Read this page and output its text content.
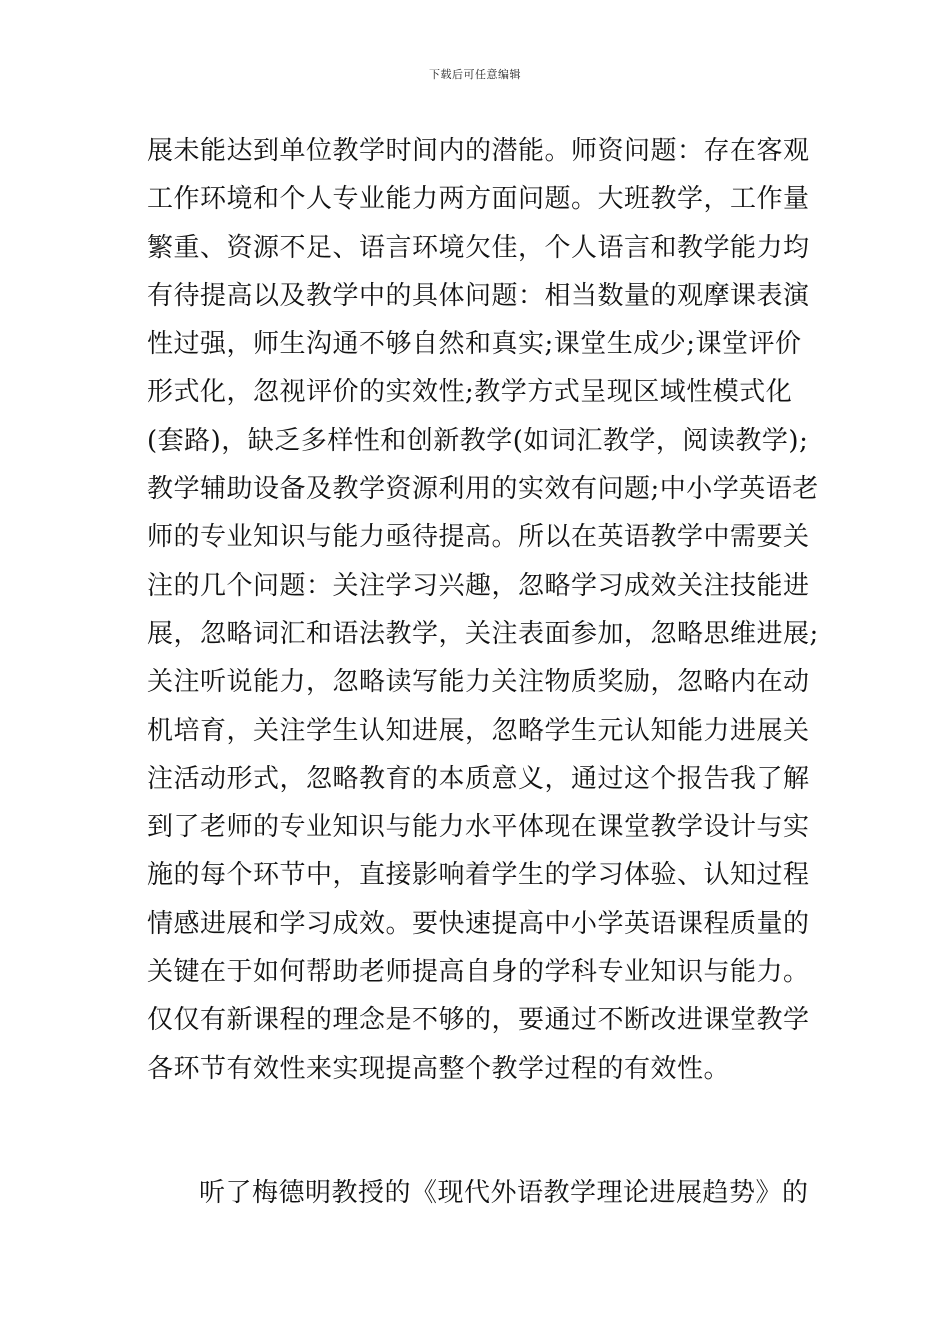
下载后可任意编辑
展未能达到单位教学时间内的潜能。师资问题：存在客观
工作环境和个人专业能力两方面问题。大班教学，工作量
繁重、资源不足、语言环境欠佳，个人语言和教学能力均
有待提高以及教学中的具体问题：相当数量的观摩课表演
性过强，师生沟通不够自然和真实;课堂生成少;课堂评价
形式化，忽视评价的实效性;教学方式呈现区域性模式化
(套路)，缺乏多样性和创新教学(如词汇教学，阅读教学);
教学辅助设备及教学资源利用的实效有问题;中小学英语老
师的专业知识与能力亟待提高。所以在英语教学中需要关
注的几个问题：关注学习兴趣，忽略学习成效关注技能进
展，忽略词汇和语法教学，关注表面参加，忽略思维进展;
关注听说能力，忽略读写能力关注物质奖励，忽略内在动
机培育，关注学生认知进展，忽略学生元认知能力进展关
注活动形式，忽略教育的本质意义，通过这个报告我了解
到了老师的专业知识与能力水平体现在课堂教学设计与实
施的每个环节中，直接影响着学生的学习体验、认知过程
情感进展和学习成效。要快速提高中小学英语课程质量的
关键在于如何帮助老师提高自身的学科专业知识与能力。
仅仅有新课程的理念是不够的，要通过不断改进课堂教学
各环节有效性来实现提高整个教学过程的有效性。
听了梅德明教授的《现代外语教学理论进展趋势》的
